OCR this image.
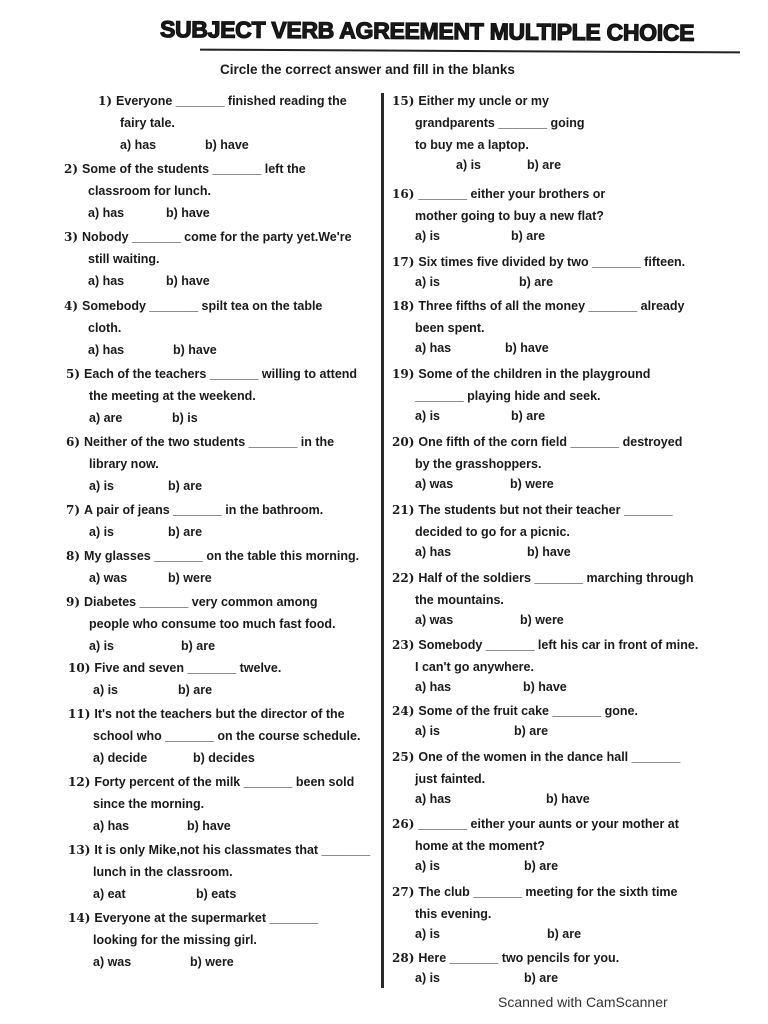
SUBJECT VERB AGREEMENT MULTIPLE CHOICE
Circle the correct answer and fill in the blanks
1) Everyone _______ finished reading the
fairy tale.
a) has	b) have
2) Some of the students _______ left the
classroom for lunch.
a) has	b) have
3) Nobody _______ come for the party yet.We're
still waiting.
a) has	b) have
4) Somebody _______ spilt tea on the table
cloth.
a) has	b) have
5) Each of the teachers _______ willing to attend
the meeting at the weekend.
a) are	b) is
6) Neither of the two students _______ in the
library now.
a) is	b) are
7) A pair of jeans _______ in the bathroom.
a) is	b) are
8) My glasses _______ on the table this morning.
a) was	b) were
9) Diabetes _______ very common among
people who consume too much fast food.
a) is	b) are
10) Five and seven _______ twelve.
a) is	b) are
11) It's not the teachers but the director of the
school who _______ on the course schedule.
a) decide	b) decides
12) Forty percent of the milk _______ been sold
since the morning.
a) has	b) have
13) It is only Mike,not his classmates that _______
lunch in the classroom.
a) eat	b) eats
14) Everyone at the supermarket _______
looking for the missing girl.
a) was	b) were
15) Either my uncle or my
grandparents _______ going
to buy me a laptop.
a) is	b) are
16) _______ either your brothers or
mother going to buy a new flat?
a) is	b) are
17) Six times five divided by two _______ fifteen.
a) is	b) are
18) Three fifths of all the money _______ already
been spent.
a) has	b) have
19) Some of the children in the playground
_______ playing hide and seek.
a) is	b) are
20) One fifth of the corn field _______ destroyed
by the grasshoppers.
a) was	b) were
21) The students but not their teacher _______
decided to go for a picnic.
a) has	b) have
22) Half of the soldiers _______ marching through
the mountains.
a) was	b) were
23) Somebody _______ left his car in front of mine.
I can't go anywhere.
a) has	b) have
24) Some of the fruit cake _______ gone.
a) is	b) are
25) One of the women in the dance hall _______
just fainted.
a) has	b) have
26) _______ either your aunts or your mother at
home at the moment?
a) is	b) are
27) The club _______ meeting for the sixth time
this evening.
a) is	b) are
28) Here _______ two pencils for you.
a) is	b) are
Scanned with CamScanner
